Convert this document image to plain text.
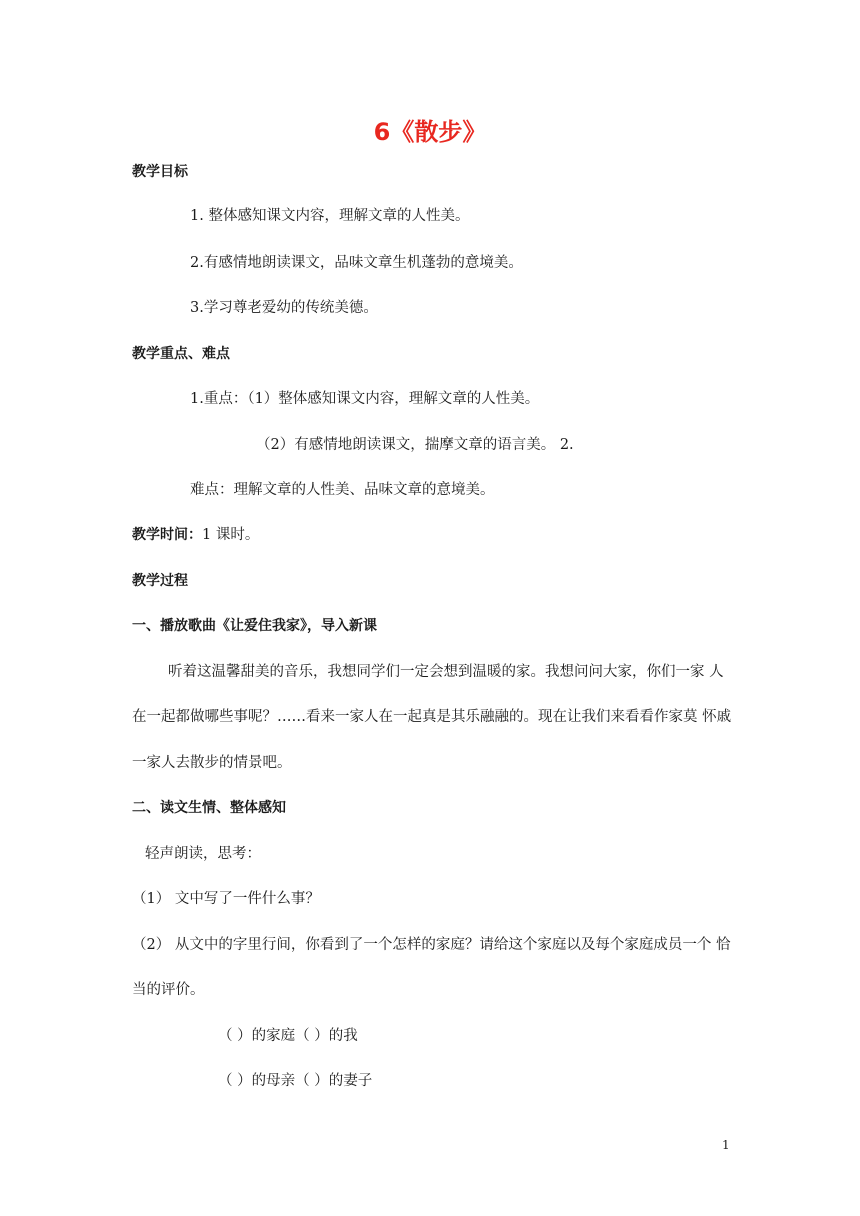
6《散步》
教学目标
1. 整体感知课文内容，理解文章的人性美。
2.有感情地朗读课文，品味文章生机蓬勃的意境美。
3.学习尊老爱幼的传统美德。
教学重点、难点
1.重点：（1）整体感知课文内容，理解文章的人性美。
（2）有感情地朗读课文，揣摩文章的语言美。 2.
难点：理解文章的人性美、品味文章的意境美。
教学时间：1 课时。
教学过程
一、播放歌曲《让爱住我家》，导入新课
听着这温馨甜美的音乐，我想同学们一定会想到温暖的家。我想问问大家，你们一家 人
在一起都做哪些事呢？……看来一家人在一起真是其乐融融的。现在让我们来看看作家莫 怀戚
一家人去散步的情景吧。
二、读文生情、整体感知
轻声朗读，思考：
（1） 文中写了一件什么事？
（2） 从文中的字里行间，你看到了一个怎样的家庭？请给这个家庭以及每个家庭成员一个 恰
当的评价。
（ ）的家庭（ ）的我
（ ）的母亲（ ）的妻子
1
